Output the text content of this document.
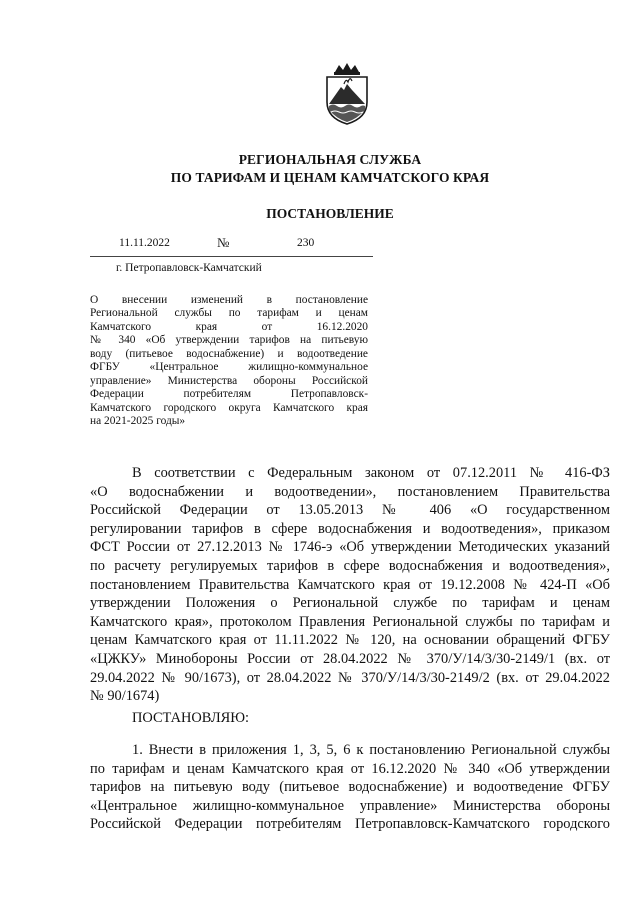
РЕГИОНАЛЬНАЯ СЛУЖБА
ПО ТАРИФАМ И ЦЕНАМ КАМЧАТСКОГО КРАЯ
ПОСТАНОВЛЕНИЕ
11.11.2022	№	230
г. Петропавловск-Камчатский
О внесении изменений в постановление
Региональной службы по тарифам и ценам
Камчатского края от 16.12.2020
№ 340 «Об утверждении тарифов на питьевую
воду (питьевое водоснабжение) и водоотведение
ФГБУ «Центральное жилищно-коммунальное
управление» Министерства обороны Российской
Федерации потребителям Петропавловск-
Камчатского городского округа Камчатского края
на 2021-2025 годы»
В соответствии с Федеральным законом от 07.12.2011 № 416-ФЗ
«О водоснабжении и водоотведении», постановлением Правительства
Российской Федерации от 13.05.2013 № 406 «О государственном
регулировании тарифов в сфере водоснабжения и водоотведения», приказом
ФСТ России от 27.12.2013 № 1746-э «Об утверждении Методических указаний
по расчету регулируемых тарифов в сфере водоснабжения и водоотведения»,
постановлением Правительства Камчатского края от 19.12.2008 № 424-П «Об
утверждении Положения о Региональной службе по тарифам и ценам
Камчатского края», протоколом Правления Региональной службы по тарифам и
ценам Камчатского края от 11.11.2022 № 120, на основании обращений ФГБУ
«ЦЖКУ» Минобороны России от 28.04.2022 № 370/У/14/3/30-2149/1 (вх. от
29.04.2022 № 90/1673), от 28.04.2022 № 370/У/14/3/30-2149/2 (вх. от 29.04.2022
№ 90/1674)
ПОСТАНОВЛЯЮ:
1. Внести в приложения 1, 3, 5, 6 к постановлению Региональной службы
по тарифам и ценам Камчатского края от 16.12.2020 № 340 «Об утверждении
тарифов на питьевую воду (питьевое водоснабжение) и водоотведение ФГБУ
«Центральное жилищно-коммунальное управление» Министерства обороны
Российской Федерации потребителям Петропавловск-Камчатского городского
